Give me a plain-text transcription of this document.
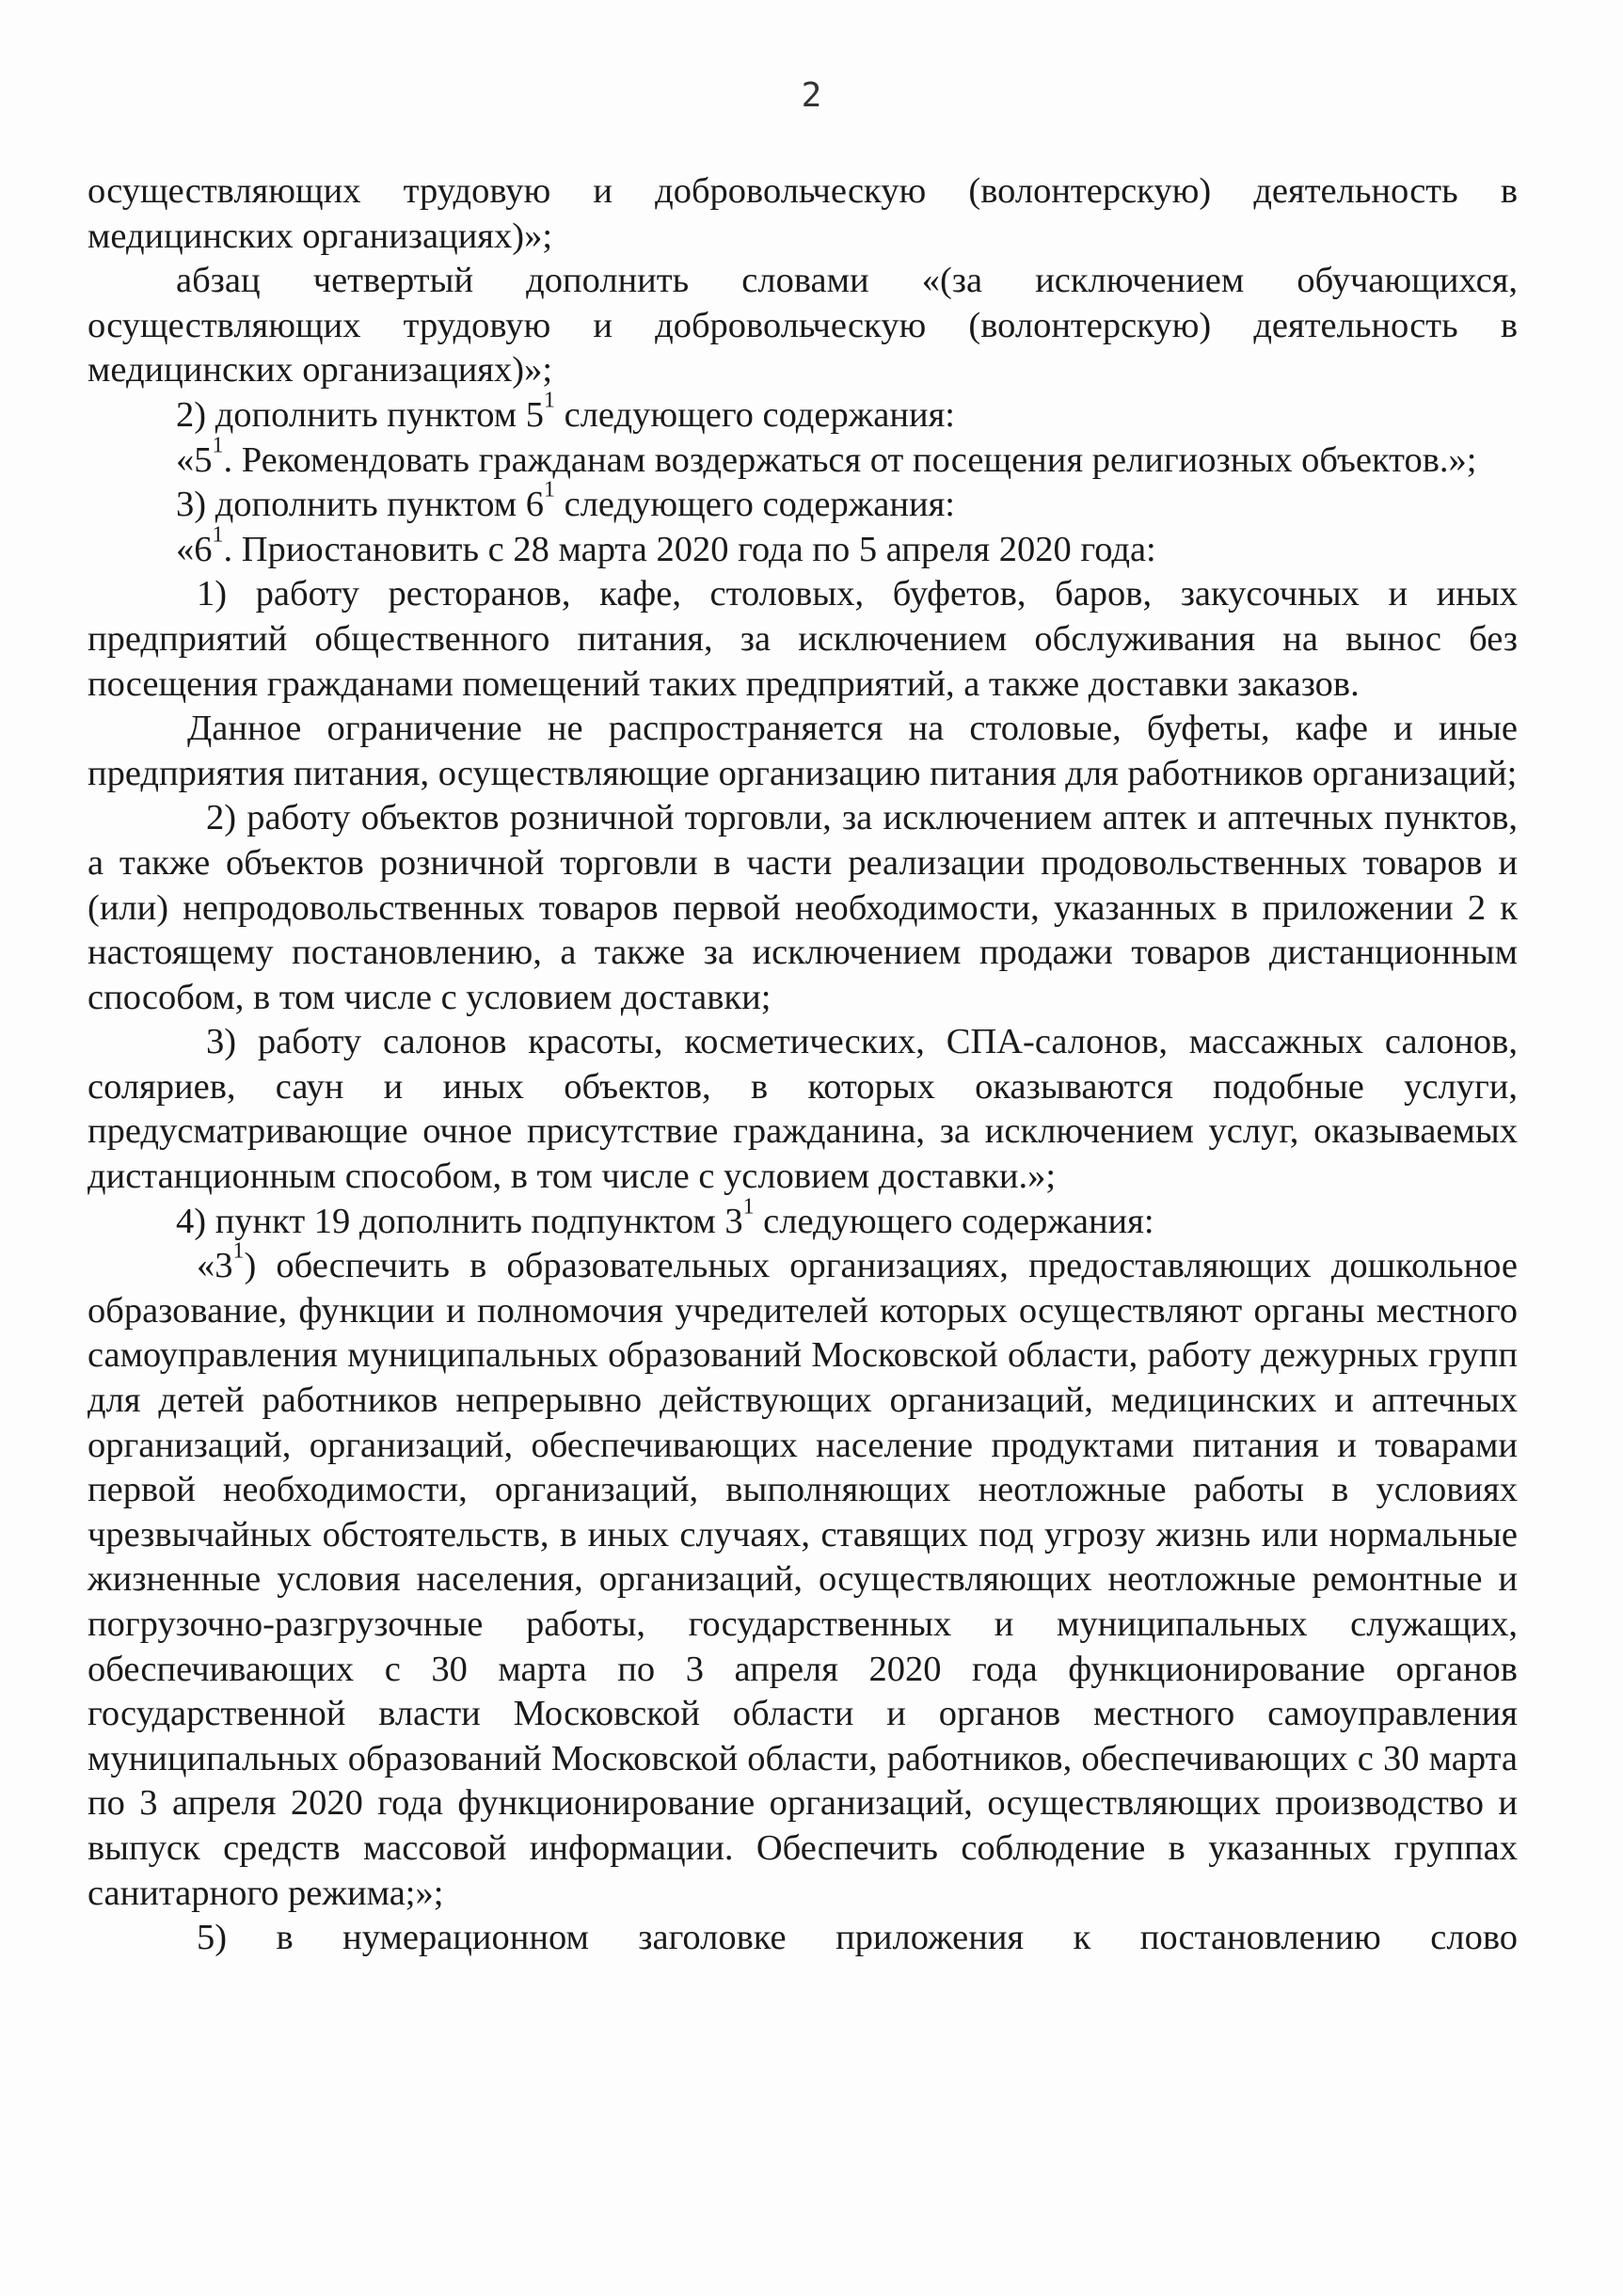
2

осуществляющих трудовую и добровольческую (волонтерскую) деятельность в медицинских организациях)»;

абзац четвертый дополнить словами «(за исключением обучающихся, осуществляющих трудовую и добровольческую (волонтерскую) деятельность в медицинских организациях)»;

2) дополнить пунктом $5^1$ следующего содержания:

«$5^1$. Рекомендовать гражданам воздержаться от посещения религиозных объектов.»;

3) дополнить пунктом $6^1$ следующего содержания:

«$6^1$. Приостановить с 28 марта 2020 года по 5 апреля 2020 года:

1) работу ресторанов, кафе, столовых, буфетов, баров, закусочных и иных предприятий общественного питания, за исключением обслуживания на вынос без посещения гражданами помещений таких предприятий, а также доставки заказов.

Данное ограничение не распространяется на столовые, буфеты, кафе и иные предприятия питания, осуществляющие организацию питания для работников организаций;

2) работу объектов розничной торговли, за исключением аптек и аптечных пунктов, а также объектов розничной торговли в части реализации продовольственных товаров и (или) непродовольственных товаров первой необходимости, указанных в приложении 2 к настоящему постановлению, а также за исключением продажи товаров дистанционным способом, в том числе с условием доставки;

3) работу салонов красоты, косметических, СПА-салонов, массажных салонов, соляриев, саун и иных объектов, в которых оказываются подобные услуги, предусматривающие очное присутствие гражданина, за исключением услуг, оказываемых дистанционным способом, в том числе с условием доставки.»;

4) пункт 19 дополнить подпунктом $3^1$ следующего содержания:

«$3^1$) обеспечить в образовательных организациях, предоставляющих дошкольное образование, функции и полномочия учредителей которых осуществляют органы местного самоуправления муниципальных образований Московской области, работу дежурных групп для детей работников непрерывно действующих организаций, медицинских и аптечных организаций, организаций, обеспечивающих население продуктами питания и товарами первой необходимости, организаций, выполняющих неотложные работы в условиях чрезвычайных обстоятельств, в иных случаях, ставящих под угрозу жизнь или нормальные жизненные условия населения, организаций, осуществляющих неотложные ремонтные и погрузочно-разгрузочные работы, государственных и муниципальных служащих, обеспечивающих с 30 марта по 3 апреля 2020 года функционирование органов государственной власти Московской области и органов местного самоуправления муниципальных образований Московской области, работников, обеспечивающих с 30 марта по 3 апреля 2020 года функционирование организаций, осуществляющих производство и выпуск средств массовой информации. Обеспечить соблюдение в указанных группах санитарного режима;»;

5) в нумерационном заголовке приложения к постановлению слово
